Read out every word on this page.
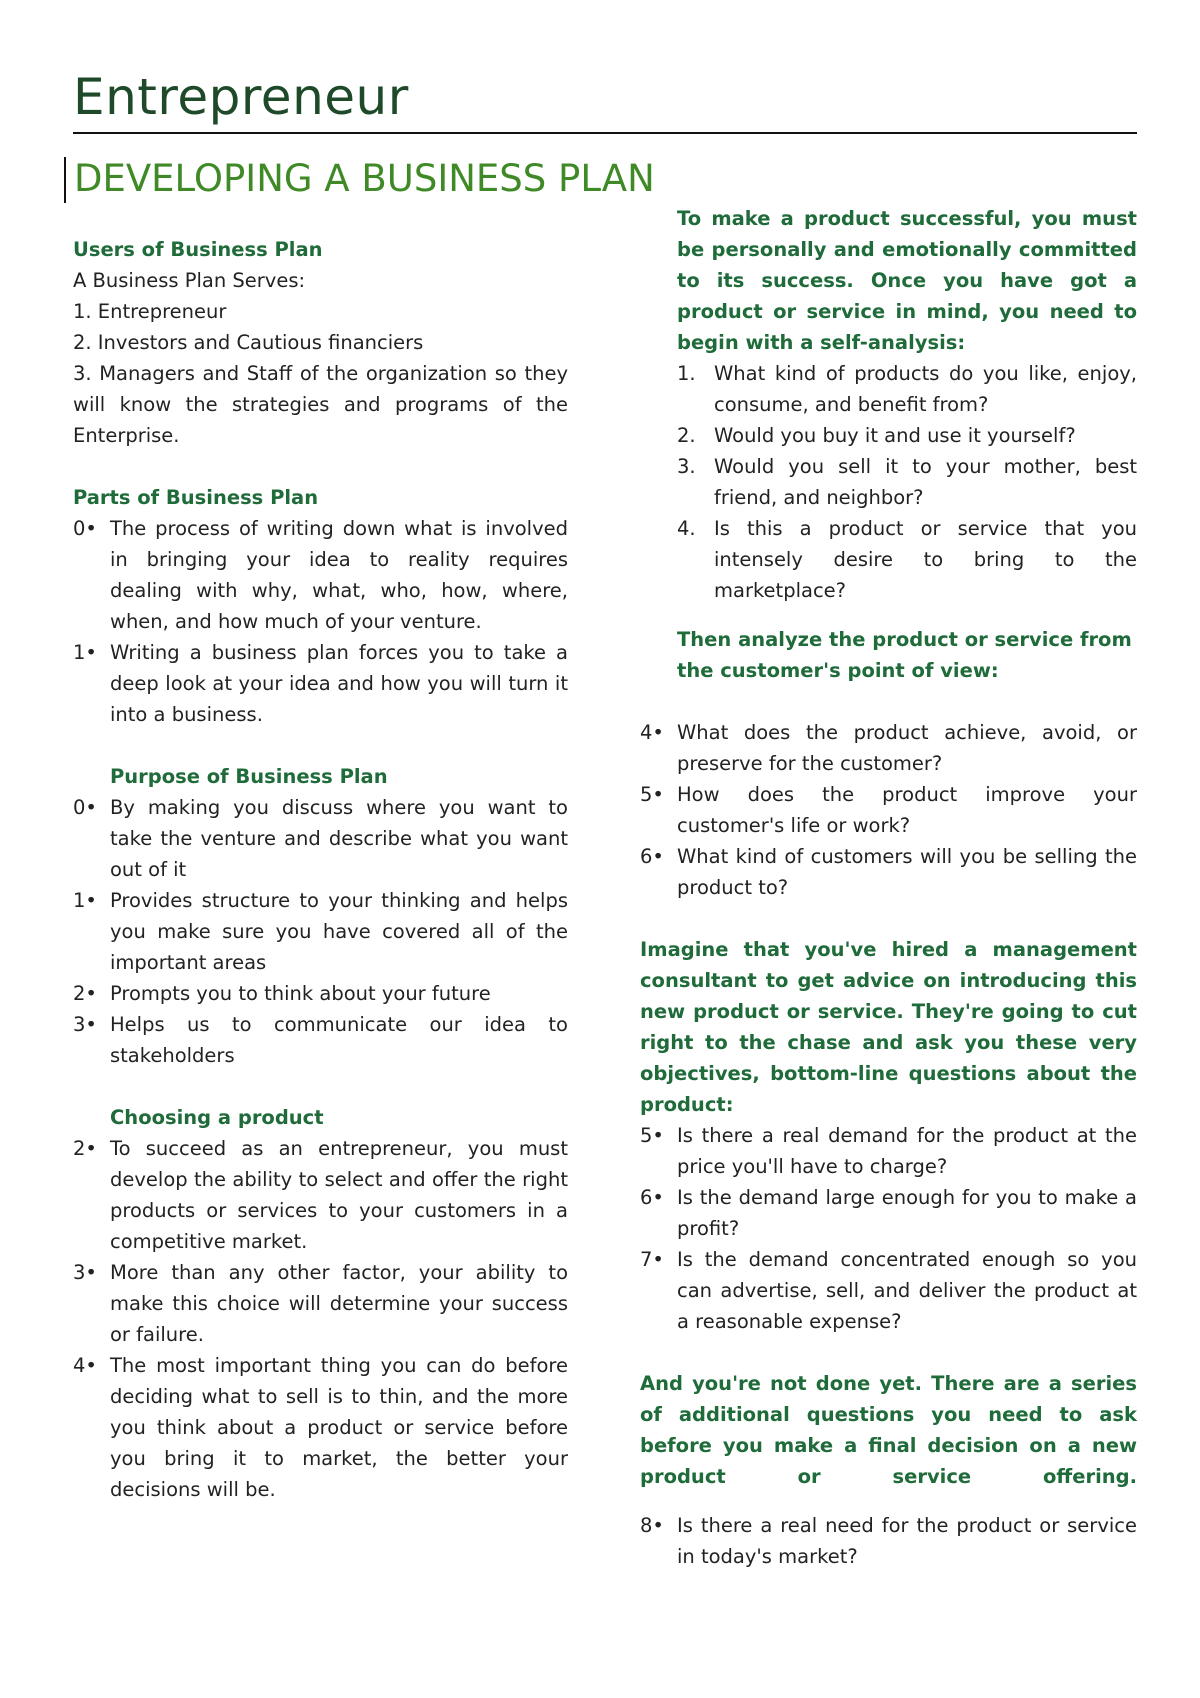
Entrepreneur
DEVELOPING A BUSINESS PLAN

Users of Business Plan

A Business Plan Serves:

1. Entrepreneur

2. Investors and Cautious financiers

3. Managers and Staff of the organization so they will know the strategies and programs of the Enterprise.

Parts of Business Plan

0• The process of writing down what is involved in bringing your idea to reality requires dealing with why, what, who, how, where, when, and how much of your venture.
1• Writing a business plan forces you to take a deep look at your idea and how you will turn it into a business.

Purpose of Business Plan

0• By making you discuss where you want to take the venture and describe what you want out of it
1• Provides structure to your thinking and helps you make sure you have covered all of the important areas
2• Prompts you to think about your future
3• Helps us to communicate our idea to stakeholders

Choosing a product

2• To succeed as an entrepreneur, you must develop the ability to select and offer the right products or services to your customers in a competitive market.
3• More than any other factor, your ability to make this choice will determine your success or failure.
4• The most important thing you can do before deciding what to sell is to thin, and the more you think about a product or service before you bring it to market, the better your decisions will be.

To make a product successful, you must be personally and emotionally committed to its success. Once you have got a product or service in mind, you need to begin with a self-analysis:

1. What kind of products do you like, enjoy, consume, and benefit from?
2. Would you buy it and use it yourself?
3. Would you sell it to your mother, best friend, and neighbor?
4. Is this a product or service that you intensely desire to bring to the marketplace?

Then analyze the product or service from the customer's point of view:

4• What does the product achieve, avoid, or preserve for the customer?
5• How does the product improve your customer's life or work?
6• What kind of customers will you be selling the product to?

Imagine that you've hired a management consultant to get advice on introducing this new product or service. They're going to cut right to the chase and ask you these very objectives, bottom-line questions about the product:

5• Is there a real demand for the product at the price you'll have to charge?
6• Is the demand large enough for you to make a profit?
7• Is the demand concentrated enough so you can advertise, sell, and deliver the product at a reasonable expense?

And you're not done yet. There are a series of additional questions you need to ask before you make a final decision on a new product or service offering.

8• Is there a real need for the product or service in today's market?
